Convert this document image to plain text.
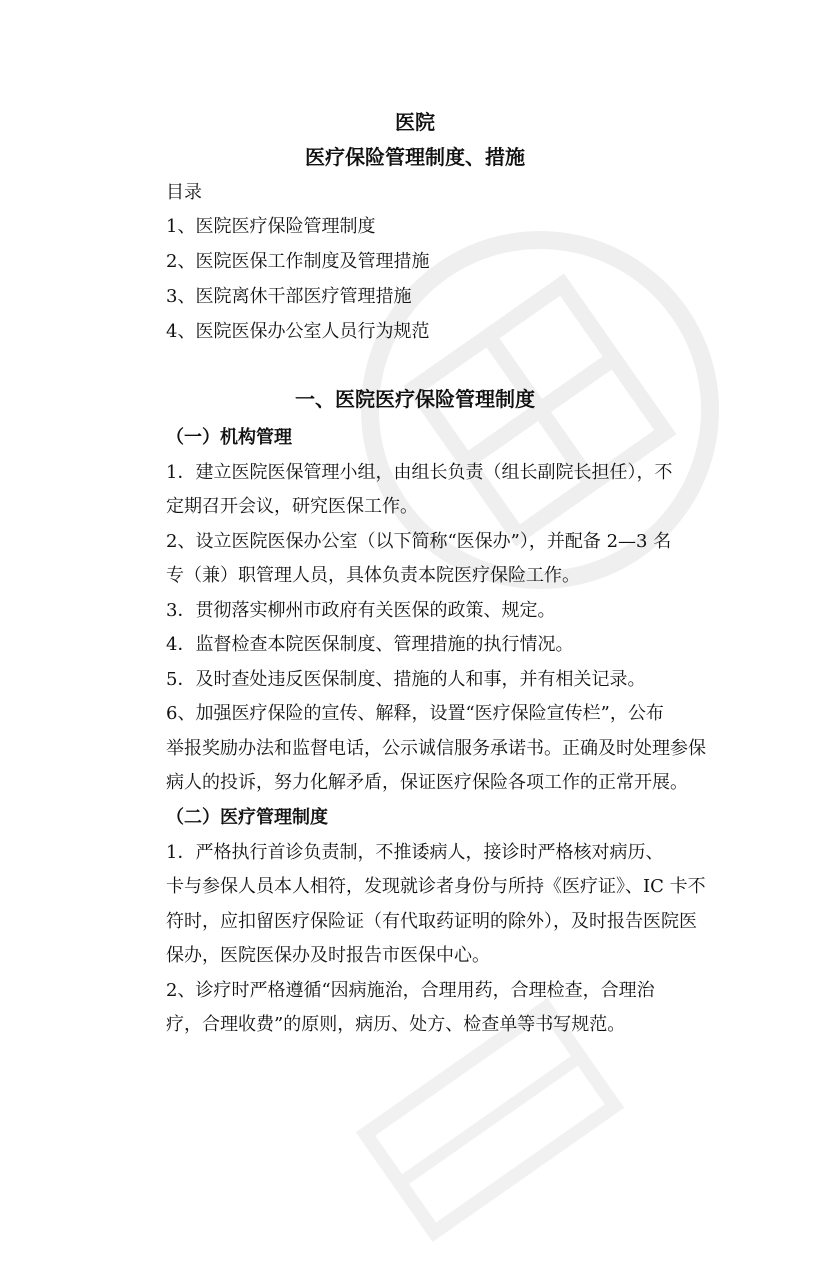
医院
医疗保险管理制度、措施
目录
1、医院医疗保险管理制度
2、医院医保工作制度及管理措施
3、医院离休干部医疗管理措施
4、医院医保办公室人员行为规范
一、医院医疗保险管理制度
（一）机构管理
1．建立医院医保管理小组，由组长负责（组长副院长担任），不
定期召开会议，研究医保工作。
2、设立医院医保办公室（以下简称“医保办”），并配备 2—3 名
专（兼）职管理人员，具体负责本院医疗保险工作。
3．贯彻落实柳州市政府有关医保的政策、规定。
4．监督检查本院医保制度、管理措施的执行情况。
5．及时查处违反医保制度、措施的人和事，并有相关记录。
6、加强医疗保险的宣传、解释，设置“医疗保险宣传栏”，公布
举报奖励办法和监督电话，公示诚信服务承诺书。正确及时处理参保
病人的投诉，努力化解矛盾，保证医疗保险各项工作的正常开展。
（二）医疗管理制度
1．严格执行首诊负责制，不推诿病人，接诊时严格核对病历、
卡与参保人员本人相符，发现就诊者身份与所持《医疗证》、IC 卡不
符时，应扣留医疗保险证（有代取药证明的除外），及时报告医院医
保办，医院医保办及时报告市医保中心。
2、诊疗时严格遵循“因病施治，合理用药，合理检查，合理治
疗，合理收费”的原则，病历、处方、检查单等书写规范。
